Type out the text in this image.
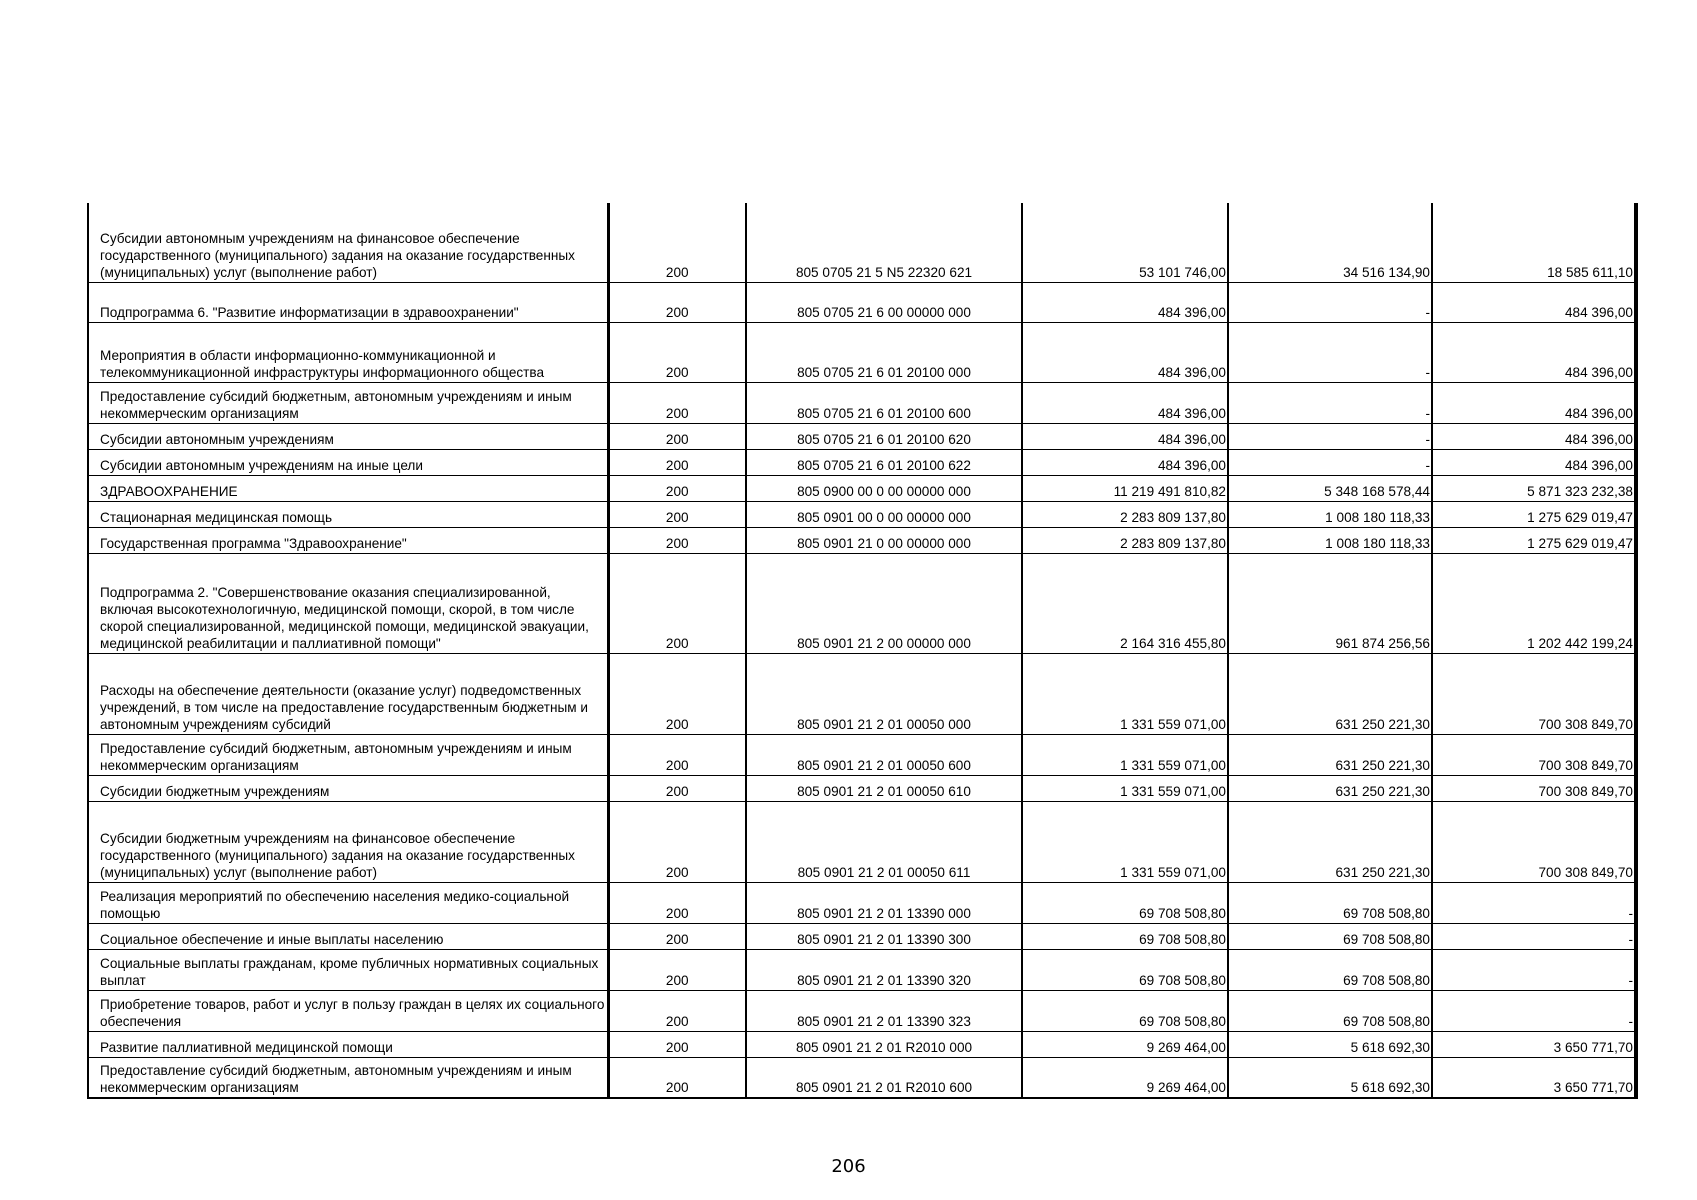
Субсидии автономным учреждениям на финансовое обеспечение государственного (муниципального) задания на оказание государственных (муниципальных) услуг (выполнение работ)	200	805 0705 21 5 N5 22320 621	53 101 746,00	34 516 134,90	18 585 611,10

Подпрограмма 6. "Развитие информатизации в здравоохранении"	200	805 0705 21 6 00 00000 000	484 396,00	-	484 396,00

Мероприятия в области информационно-коммуникационной и телекоммуникационной инфраструктуры информационного общества	200	805 0705 21 6 01 20100 000	484 396,00	-	484 396,00

Предоставление субсидий бюджетным, автономным учреждениям и иным некоммерческим организациям	200	805 0705 21 6 01 20100 600	484 396,00	-	484 396,00

Субсидии автономным учреждениям	200	805 0705 21 6 01 20100 620	484 396,00	-	484 396,00

Субсидии автономным учреждениям на иные цели	200	805 0705 21 6 01 20100 622	484 396,00	-	484 396,00

ЗДРАВООХРАНЕНИЕ	200	805 0900 00 0 00 00000 000	11 219 491 810,82	5 348 168 578,44	5 871 323 232,38

Стационарная медицинская помощь	200	805 0901 00 0 00 00000 000	2 283 809 137,80	1 008 180 118,33	1 275 629 019,47

Государственная программа "Здравоохранение"	200	805 0901 21 0 00 00000 000	2 283 809 137,80	1 008 180 118,33	1 275 629 019,47

Подпрограмма 2. "Совершенствование оказания специализированной, включая высокотехнологичную, медицинской помощи, скорой, в том числе скорой специализированной, медицинской помощи, медицинской эвакуации, медицинской реабилитации и паллиативной помощи"	200	805 0901 21 2 00 00000 000	2 164 316 455,80	961 874 256,56	1 202 442 199,24

Расходы на обеспечение деятельности (оказание услуг) подведомственных учреждений, в том числе на предоставление государственным бюджетным и автономным учреждениям субсидий	200	805 0901 21 2 01 00050 000	1 331 559 071,00	631 250 221,30	700 308 849,70

Предоставление субсидий бюджетным, автономным учреждениям и иным некоммерческим организациям	200	805 0901 21 2 01 00050 600	1 331 559 071,00	631 250 221,30	700 308 849,70

Субсидии бюджетным учреждениям	200	805 0901 21 2 01 00050 610	1 331 559 071,00	631 250 221,30	700 308 849,70

Субсидии бюджетным учреждениям на финансовое обеспечение государственного (муниципального) задания на оказание государственных (муниципальных) услуг (выполнение работ)	200	805 0901 21 2 01 00050 611	1 331 559 071,00	631 250 221,30	700 308 849,70

Реализация мероприятий по обеспечению населения медико-социальной помощью	200	805 0901 21 2 01 13390 000	69 708 508,80	69 708 508,80	-

Социальное обеспечение и иные выплаты населению	200	805 0901 21 2 01 13390 300	69 708 508,80	69 708 508,80	-

Социальные выплаты гражданам, кроме публичных нормативных социальных выплат	200	805 0901 21 2 01 13390 320	69 708 508,80	69 708 508,80	-

Приобретение товаров, работ и услуг в пользу граждан в целях их социального обеспечения	200	805 0901 21 2 01 13390 323	69 708 508,80	69 708 508,80	-

Развитие паллиативной медицинской помощи	200	805 0901 21 2 01 R2010 000	9 269 464,00	5 618 692,30	3 650 771,70

Предоставление субсидий бюджетным, автономным учреждениям и иным некоммерческим организациям	200	805 0901 21 2 01 R2010 600	9 269 464,00	5 618 692,30	3 650 771,70
206
